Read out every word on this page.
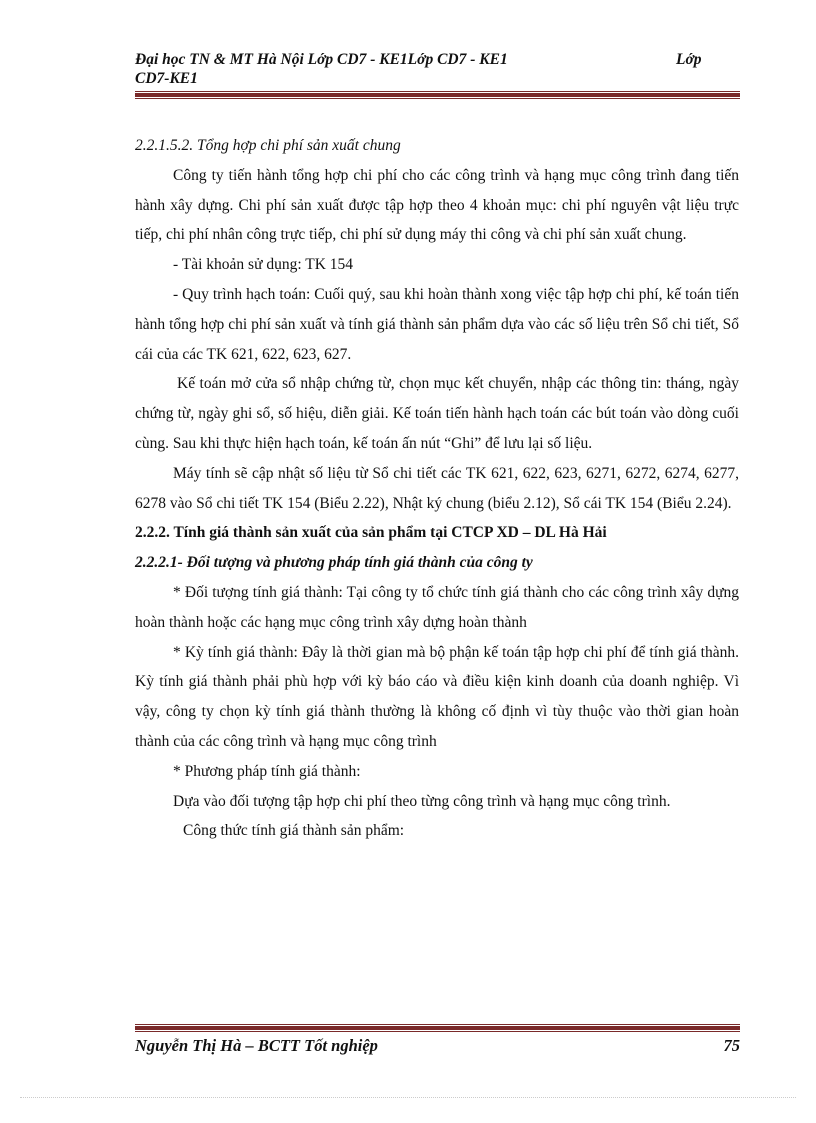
Đại học TN & MT Hà Nội Lớp CD7 - KE1Lớp CD7 - KE1	Lớp
CD7-KE1

2.2.1.5.2. Tổng hợp chi phí sản xuất chung

Công ty tiến hành tổng hợp chi phí cho các công trình và hạng mục công trình đang tiến hành xây dựng. Chi phí sản xuất được tập hợp theo 4 khoản mục: chi phí nguyên vật liệu trực tiếp, chi phí nhân công trực tiếp, chi phí sử dụng máy thi công và chi phí sản xuất chung.

- Tài khoản sử dụng: TK 154

- Quy trình hạch toán: Cuối quý, sau khi hoàn thành xong việc tập hợp chi phí, kế toán tiến hành tổng hợp chi phí sản xuất và tính giá thành sản phẩm dựa vào các số liệu trên Sổ chi tiết, Sổ cái của các TK 621, 622, 623, 627.

Kế toán mở cửa sổ nhập chứng từ, chọn mục kết chuyển, nhập các thông tin: tháng, ngày chứng từ, ngày ghi sổ, số hiệu, diễn giải. Kế toán tiến hành hạch toán các bút toán vào dòng cuối cùng. Sau khi thực hiện hạch toán, kế toán ấn nút “Ghi” để lưu lại số liệu.

Máy tính sẽ cập nhật số liệu từ Sổ chi tiết các TK 621, 622, 623, 6271, 6272, 6274, 6277, 6278 vào Sổ chi tiết TK 154 (Biểu 2.22), Nhật ký chung (biểu 2.12), Sổ cái TK 154 (Biểu 2.24).

2.2.2. Tính giá thành sản xuất của sản phẩm tại CTCP XD – DL Hà Hải

2.2.2.1- Đối tượng và phương pháp tính giá thành của công ty

* Đối tượng tính giá thành: Tại công ty tổ chức tính giá thành cho các công trình xây dựng hoàn thành hoặc các hạng mục công trình xây dựng hoàn thành

* Kỳ tính giá thành: Đây là thời gian mà bộ phận kế toán tập hợp chi phí để tính giá thành. Kỳ tính giá thành phải phù hợp với kỳ báo cáo và điều kiện kinh doanh của doanh nghiệp. Vì vậy, công ty chọn kỳ tính giá thành thường là không cố định vì tùy thuộc vào thời gian hoàn thành của các công trình và hạng mục công trình

* Phương pháp tính giá thành:

Dựa vào đối tượng tập hợp chi phí theo từng công trình và hạng mục công trình.

Công thức tính giá thành sản phẩm:

Nguyễn Thị Hà – BCTT Tốt nghiệp	75
